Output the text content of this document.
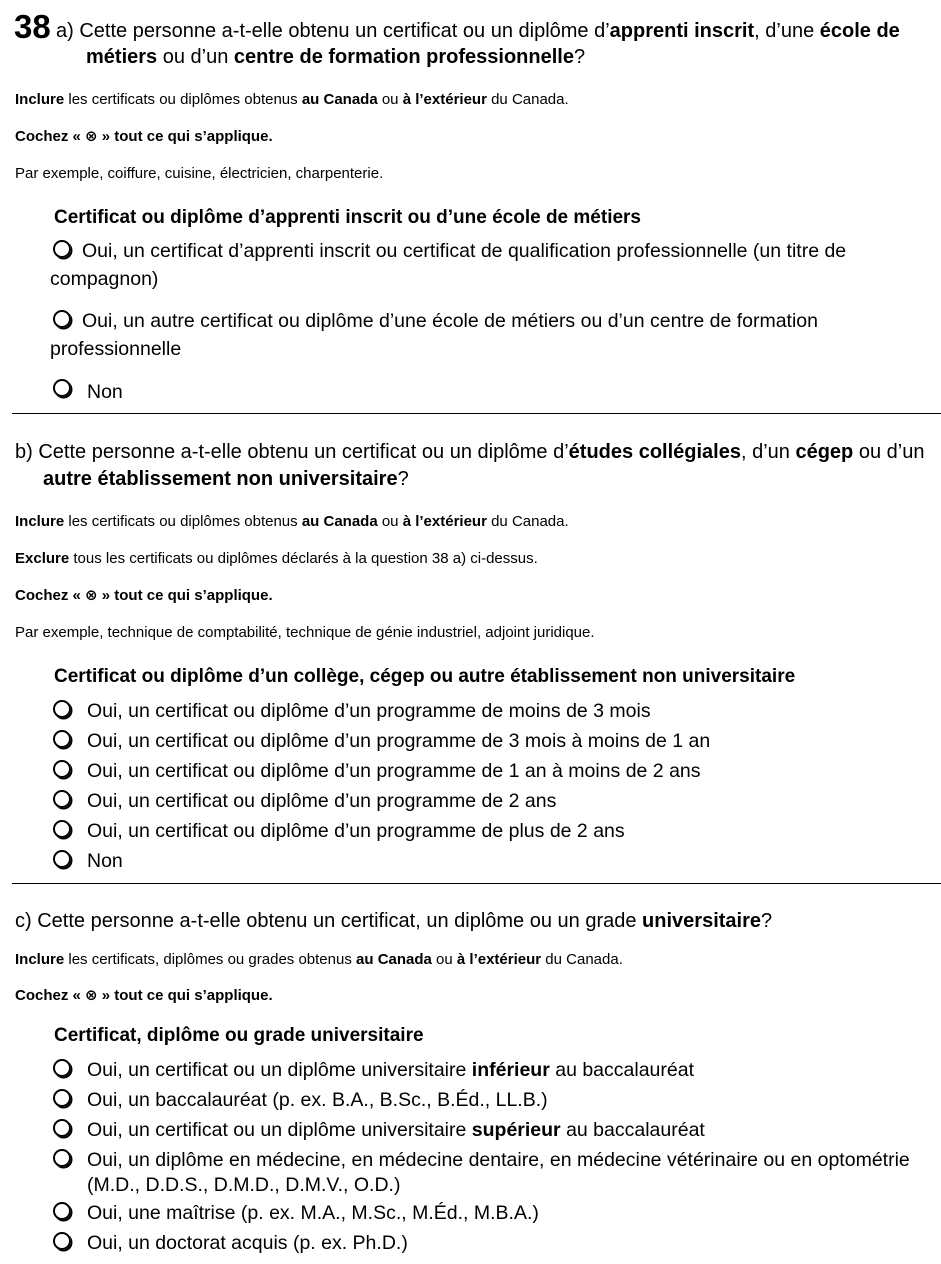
38 a) Cette personne a-t-elle obtenu un certificat ou un diplôme d’apprenti inscrit, d’une école de
métiers ou d’un centre de formation professionnelle?
Inclure les certificats ou diplômes obtenus au Canada ou à l’extérieur du Canada.
Cochez « ⊗ » tout ce qui s’applique.
Par exemple, coiffure, cuisine, électricien, charpenterie.
Certificat ou diplôme d’apprenti inscrit ou d’une école de métiers
Oui, un certificat d’apprenti inscrit ou certificat de qualification professionnelle (un titre de
compagnon)
Oui, un autre certificat ou diplôme d’une école de métiers ou d’un centre de formation
professionnelle
Non
b) Cette personne a-t-elle obtenu un certificat ou un diplôme d’études collégiales, d’un cégep ou d’un
autre établissement non universitaire?
Inclure les certificats ou diplômes obtenus au Canada ou à l’extérieur du Canada.
Exclure tous les certificats ou diplômes déclarés à la question 38 a) ci-dessus.
Cochez « ⊗ » tout ce qui s’applique.
Par exemple, technique de comptabilité, technique de génie industriel, adjoint juridique.
Certificat ou diplôme d’un collège, cégep ou autre établissement non universitaire
Oui, un certificat ou diplôme d’un programme de moins de 3 mois
Oui, un certificat ou diplôme d’un programme de 3 mois à moins de 1 an
Oui, un certificat ou diplôme d’un programme de 1 an à moins de 2 ans
Oui, un certificat ou diplôme d’un programme de 2 ans
Oui, un certificat ou diplôme d’un programme de plus de 2 ans
Non
c) Cette personne a-t-elle obtenu un certificat, un diplôme ou un grade universitaire?
Inclure les certificats, diplômes ou grades obtenus au Canada ou à l’extérieur du Canada.
Cochez « ⊗ » tout ce qui s’applique.
Certificat, diplôme ou grade universitaire
Oui, un certificat ou un diplôme universitaire inférieur au baccalauréat
Oui, un baccalauréat (p. ex. B.A., B.Sc., B.Éd., LL.B.)
Oui, un certificat ou un diplôme universitaire supérieur au baccalauréat
Oui, un diplôme en médecine, en médecine dentaire, en médecine vétérinaire ou en optométrie
(M.D., D.D.S., D.M.D., D.M.V., O.D.)
Oui, une maîtrise (p. ex. M.A., M.Sc., M.Éd., M.B.A.)
Oui, un doctorat acquis (p. ex. Ph.D.)
